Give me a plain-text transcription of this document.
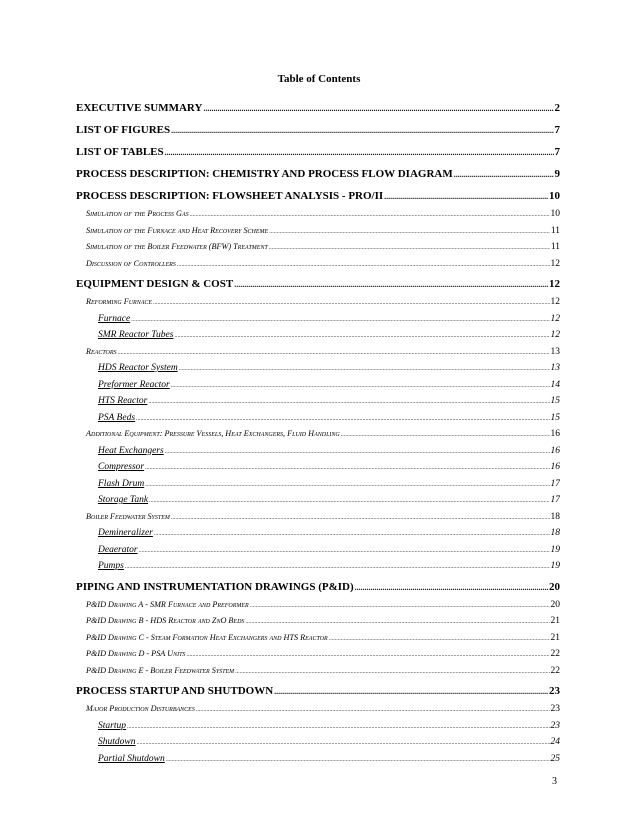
Table of Contents
EXECUTIVE SUMMARY .....	2
LIST OF FIGURES .....	7
LIST OF TABLES .....	7
PROCESS DESCRIPTION: CHEMISTRY AND PROCESS FLOW DIAGRAM .....	9
PROCESS DESCRIPTION: FLOWSHEET ANALYSIS - PRO/II .....	10
Simulation of the Process Gas .....	10
Simulation of the Furnace and Heat Recovery Scheme .....	11
Simulation of the Boiler Feedwater (BFW) Treatment .....	11
Discussion of Controllers .....	12
EQUIPMENT DESIGN & COST .....	12
Reforming Furnace .....	12
Furnace .....	12
SMR Reactor Tubes .....	12
Reactors .....	13
HDS Reactor System .....	13
Preformer Reactor .....	14
HTS Reactor .....	15
PSA Beds .....	15
Additional Equipment: Pressure Vessels, Heat Exchangers, Fluid Handling .....	16
Heat Exchangers .....	16
Compressor .....	16
Flash Drum .....	17
Storage Tank .....	17
Boiler Feedwater System .....	18
Demineralizer .....	18
Deaerator .....	19
Pumps .....	19
PIPING AND INSTRUMENTATION DRAWINGS (P&ID) .....	20
P&ID Drawing A - SMR Furnace and Preformer .....	20
P&ID Drawing B - HDS Reactor and ZnO Beds .....	21
P&ID Drawing C - Steam Formation Heat Exchangers and HTS Reactor .....	21
P&ID Drawing D - PSA Units .....	22
P&ID Drawing E - Boiler Feedwater System .....	22
PROCESS STARTUP AND SHUTDOWN .....	23
Major Production Disturbances .....	23
Startup .....	23
Shutdown .....	24
Partial Shutdown .....	25
3
